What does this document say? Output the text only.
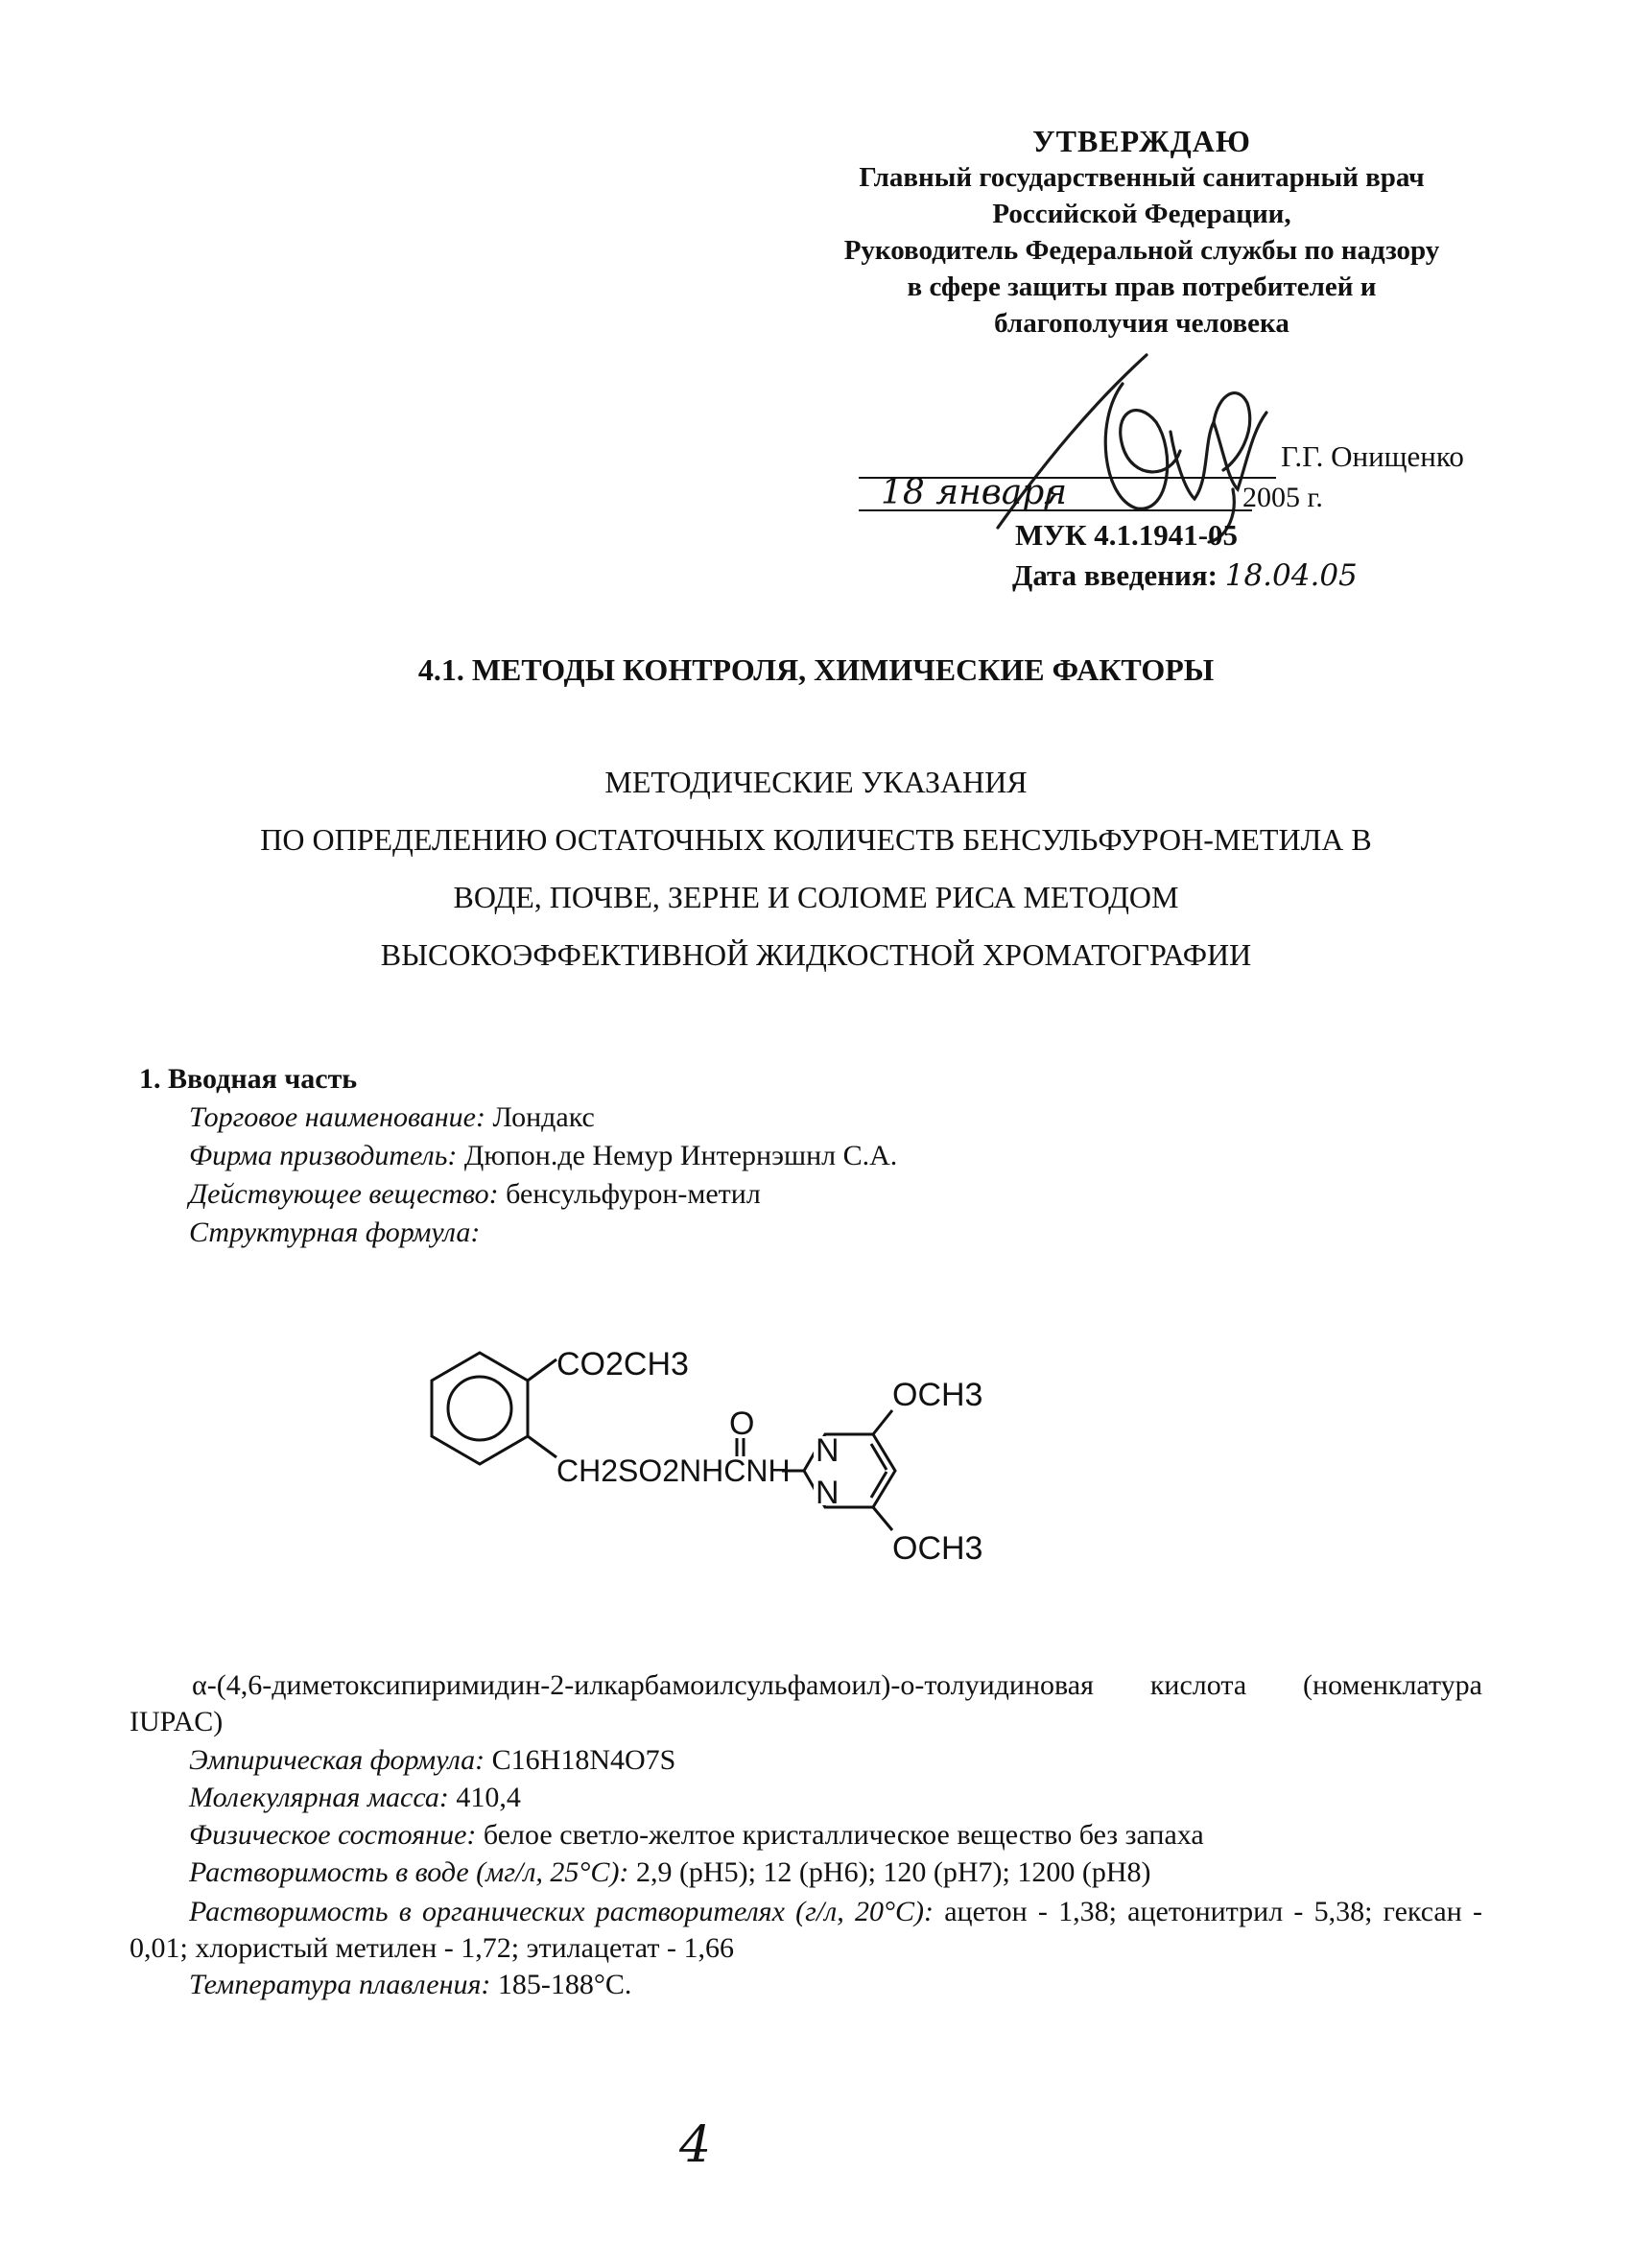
УТВЕРЖДАЮ
Главный государственный санитарный врач
Российской Федерации,
Руководитель Федеральной службы по надзору
в сфере защиты прав потребителей и
благополучия человека
Г.Г. Онищенко
18 января	2005 г.
МУК 4.1.1941-05
Дата введения: 18.04.05
4.1. МЕТОДЫ КОНТРОЛЯ, ХИМИЧЕСКИЕ ФАКТОРЫ
МЕТОДИЧЕСКИЕ УКАЗАНИЯ
ПО ОПРЕДЕЛЕНИЮ ОСТАТОЧНЫХ КОЛИЧЕСТВ БЕНСУЛЬФУРОН-МЕТИЛА В
ВОДЕ, ПОЧВЕ, ЗЕРНЕ И СОЛОМЕ РИСА МЕТОДОМ
ВЫСОКОЭФФЕКТИВНОЙ ЖИДКОСТНОЙ ХРОМАТОГРАФИИ
1. Вводная часть
Торговое наименование: Лондакс
Фирма призводитель: Дюпон.де Немур Интернэшнл С.А.
Действующее вещество: бенсульфурон-метил
Структурная формула:
CO2CH3
OCH3
CH2SO2NHCNH
O
N
N
OCH3
α-(4,6-диметоксипиримидин-2-илкарбамоилсульфамоил)-о-толуидиновая кислота (номенклатура IUPAC)
Эмпирическая формула: C16H18N4O7S
Молекулярная масса: 410,4
Физическое состояние: белое светло-желтое кристаллическое вещество без запаха
Растворимость в воде (мг/л, 25°С): 2,9 (pH5); 12 (pH6); 120 (pH7); 1200 (pH8)
Растворимость в органических растворителях (г/л, 20°С): ацетон - 1,38; ацетонитрил - 5,38; гексан - 0,01; хлористый метилен - 1,72; этилацетат - 1,66
Температура плавления: 185-188°С.
4
